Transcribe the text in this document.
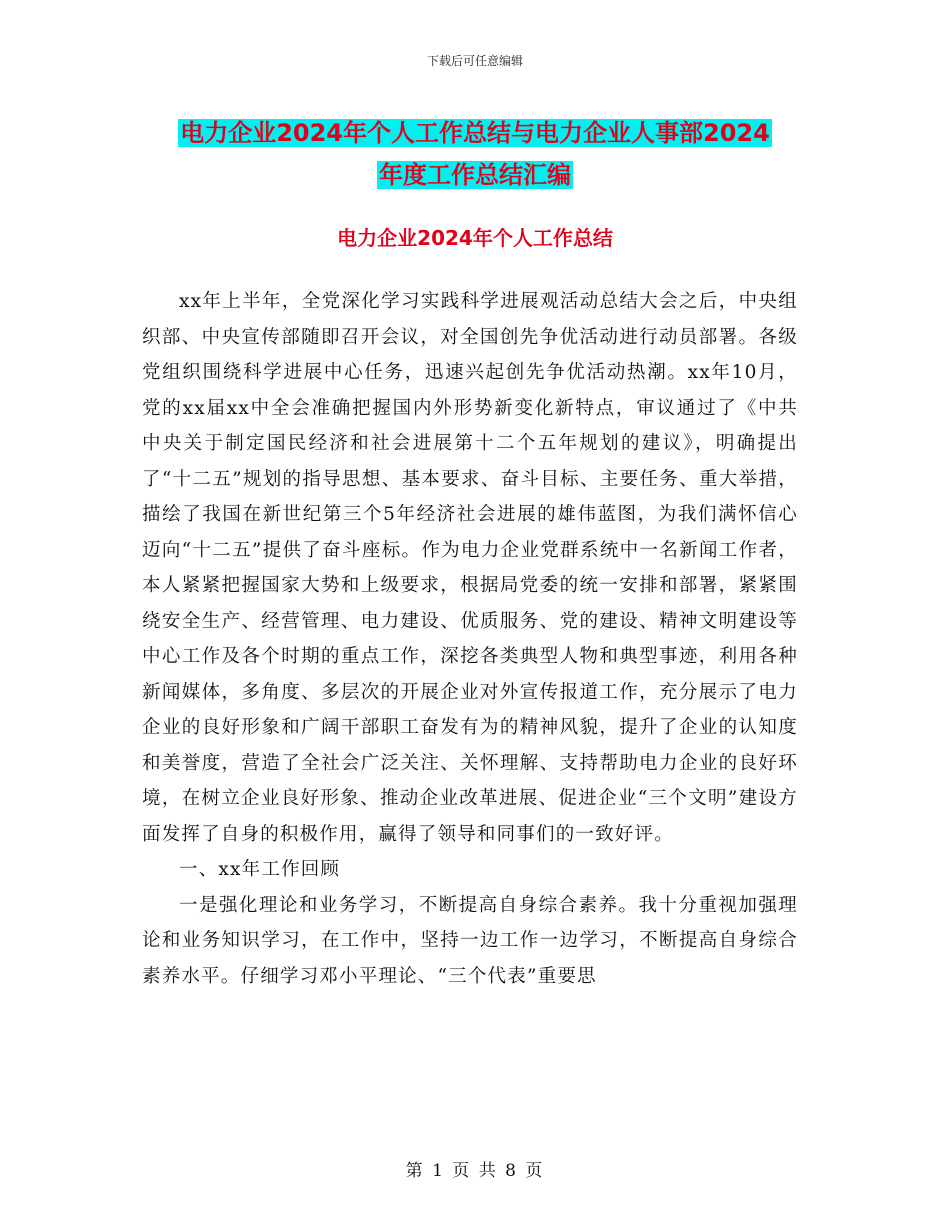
下载后可任意编辑
电力企业2024年个人工作总结与电力企业人事部2024
年度工作总结汇编
电力企业2024年个人工作总结

xx年上半年，全党深化学习实践科学进展观活动总结大会之后，中央组织部、中央宣传部随即召开会议，对全国创先争优活动进行动员部署。各级党组织围绕科学进展中心任务，迅速兴起创先争优活动热潮。xx年10月，党的xx届xx中全会准确把握国内外形势新变化新特点，审议通过了《中共中央关于制定国民经济和社会进展第十二个五年规划的建议》，明确提出了“十二五”规划的指导思想、基本要求、奋斗目标、主要任务、重大举措，描绘了我国在新世纪第三个5年经济社会进展的雄伟蓝图，为我们满怀信心迈向“十二五”提供了奋斗座标。作为电力企业党群系统中一名新闻工作者，本人紧紧把握国家大势和上级要求，根据局党委的统一安排和部署，紧紧围绕安全生产、经营管理、电力建设、优质服务、党的建设、精神文明建设等中心工作及各个时期的重点工作，深挖各类典型人物和典型事迹，利用各种新闻媒体，多角度、多层次的开展企业对外宣传报道工作，充分展示了电力企业的良好形象和广阔干部职工奋发有为的精神风貌，提升了企业的认知度和美誉度，营造了全社会广泛关注、关怀理解、支持帮助电力企业的良好环境，在树立企业良好形象、推动企业改革进展、促进企业“三个文明”建设方面发挥了自身的积极作用，赢得了领导和同事们的一致好评。

一、xx年工作回顾

一是强化理论和业务学习，不断提高自身综合素养。我十分重视加强理论和业务知识学习，在工作中，坚持一边工作一边学习，不断提高自身综合素养水平。仔细学习邓小平理论、“三个代表”重要思

第 1 页 共 8 页
